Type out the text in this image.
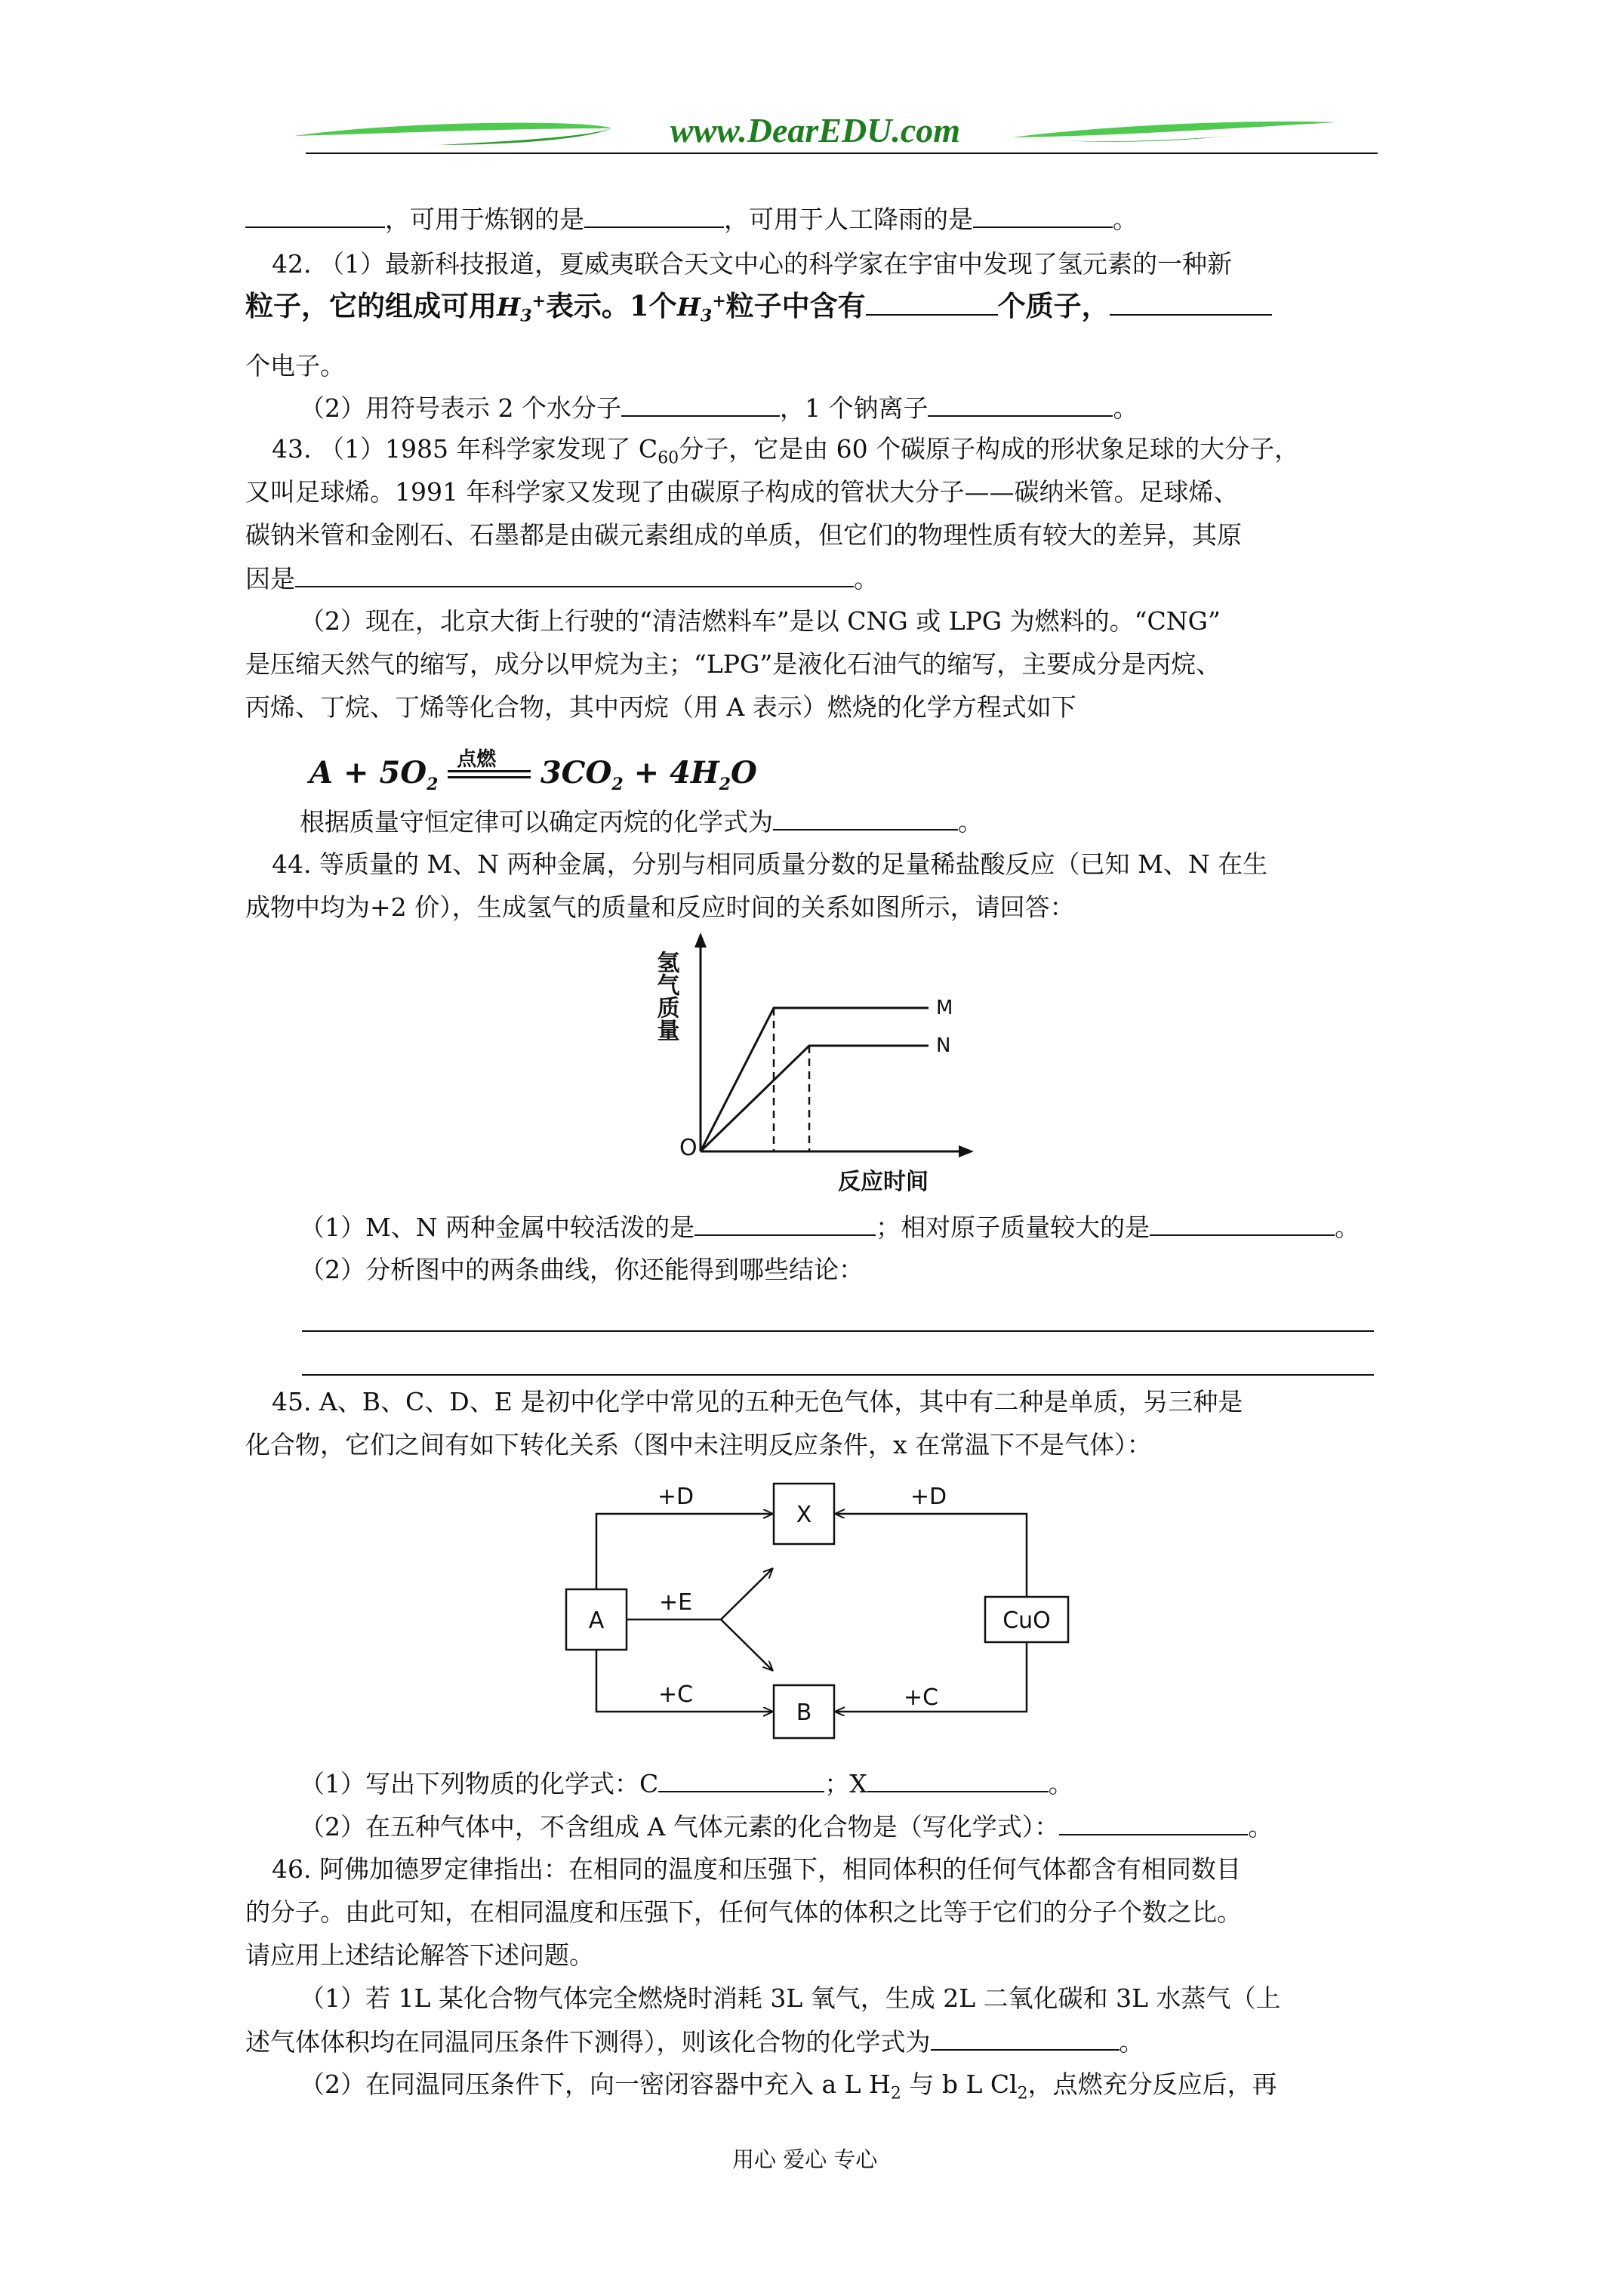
www.DearEDU.com
，可用于炼钢的是	，可用于人工降雨的是	。
42. （1）最新科技报道，夏威夷联合天文中心的科学家在宇宙中发现了氢元素的一种新
粒子，它的组成可用$H_3^+$表示。1个$H_3^+$粒子中含有	个质子，
个电子。
（2）用符号表示 2 个水分子	，1 个钠离子	。
43. （1）1985 年科学家发现了 $C_{60}$分子，它是由 60 个碳原子构成的形状象足球的大分子，
又叫足球烯。1991 年科学家又发现了由碳原子构成的管状大分子——碳纳米管。足球烯、
碳钠米管和金刚石、石墨都是由碳元素组成的单质，但它们的物理性质有较大的差异，其原
因是	。
（2）现在，北京大街上行驶的“清洁燃料车”是以 CNG 或 LPG 为燃料的。“CNG”
是压缩天然气的缩写，成分以甲烷为主；“LPG”是液化石油气的缩写，主要成分是丙烷、
丙烯、丁烷、丁烯等化合物，其中丙烷（用 A 表示）燃烧的化学方程式如下
$A + 5O_2$
点燃 $3CO_2 + 4H_2O$
根据质量守恒定律可以确定丙烷的化学式为	。
44. 等质量的 M、N 两种金属，分别与相同质量分数的足量稀盐酸反应（已知 M、N 在生
成物中均为+2 价），生成氢气的质量和反应时间的关系如图所示，请回答：
氢气质量
O
反应时间
M
N
（1）M、N 两种金属中较活泼的是	；相对原子质量较大的是	。
（2）分析图中的两条曲线，你还能得到哪些结论：
45. A、B、C、D、E 是初中化学中常见的五种无色气体，其中有二种是单质，另三种是
化合物，它们之间有如下转化关系（图中未注明反应条件，x 在常温下不是气体）：
A
X
B
CuO
+D	+D
+E
+C	+C
（1）写出下列物质的化学式：C	；X	。
（2）在五种气体中，不含组成 A 气体元素的化合物是（写化学式）：	。
46. 阿佛加德罗定律指出：在相同的温度和压强下，相同体积的任何气体都含有相同数目
的分子。由此可知，在相同温度和压强下，任何气体的体积之比等于它们的分子个数之比。
请应用上述结论解答下述问题。
（1）若 1L 某化合物气体完全燃烧时消耗 3L 氧气，生成 2L 二氧化碳和 3L 水蒸气（上
述气体体积均在同温同压条件下测得），则该化合物的化学式为	。
（2）在同温同压条件下，向一密闭容器中充入 a L $H_2$ 与 b L $Cl_2$，点燃充分反应后，再
用心 爱心 专心
